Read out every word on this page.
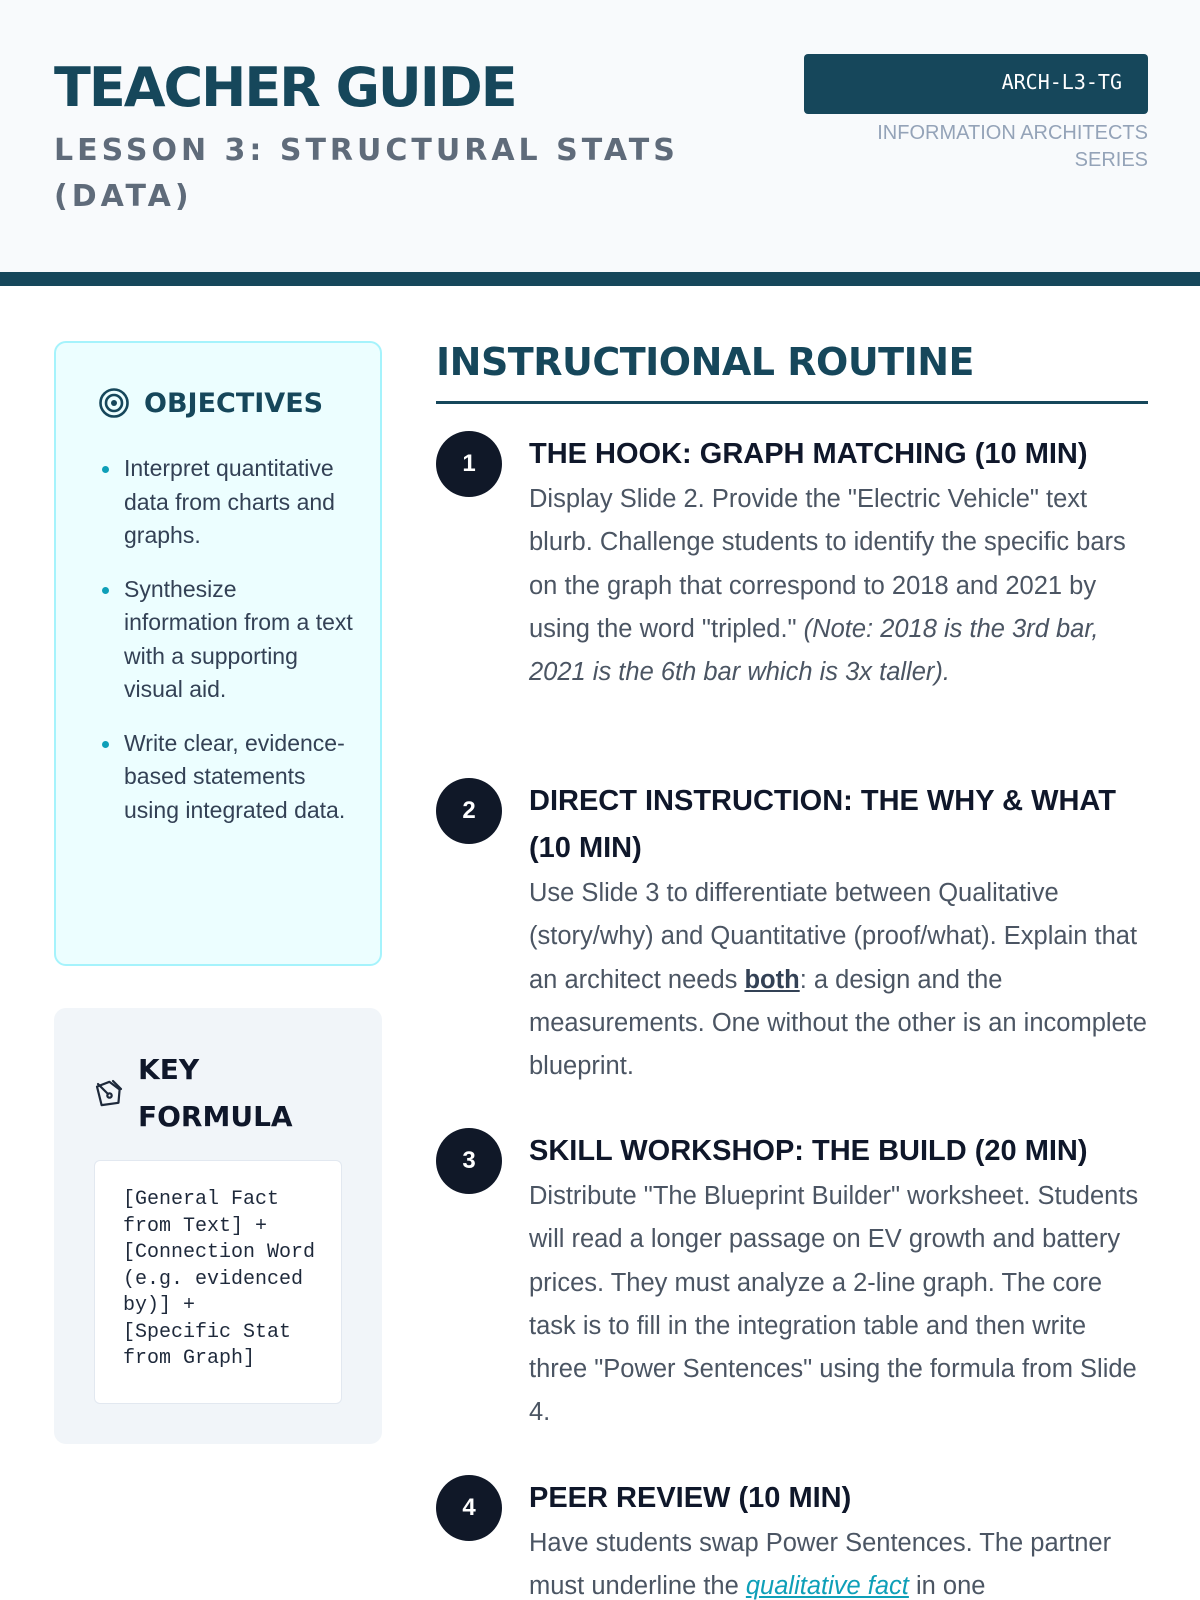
TEACHER GUIDE
LESSON 3: STRUCTURAL STATS (DATA)
ARCH-L3-TG
INFORMATION ARCHITECTS SERIES
OBJECTIVES
Interpret quantitative data from charts and graphs.
Synthesize information from a text with a supporting visual aid.
Write clear, evidence-based statements using integrated data.
KEY FORMULA
[General Fact
from Text] +
[Connection Word
(e.g. evidenced
by)] +
[Specific Stat
from Graph]
INSTRUCTIONAL ROUTINE
1	THE HOOK: GRAPH MATCHING (10 MIN)
Display Slide 2. Provide the "Electric Vehicle" text blurb. Challenge students to identify the specific bars on the graph that correspond to 2018 and 2021 by using the word "tripled." (Note: 2018 is the 3rd bar, 2021 is the 6th bar which is 3x taller).
2	DIRECT INSTRUCTION: THE WHY & WHAT (10 MIN)
Use Slide 3 to differentiate between Qualitative (story/why) and Quantitative (proof/what). Explain that an architect needs both: a design and the measurements. One without the other is an incomplete blueprint.
3	SKILL WORKSHOP: THE BUILD (20 MIN)
Distribute "The Blueprint Builder" worksheet. Students will read a longer passage on EV growth and battery prices. They must analyze a 2-line graph. The core task is to fill in the integration table and then write three "Power Sentences" using the formula from Slide 4.
4	PEER REVIEW (10 MIN)
Have students swap Power Sentences. The partner must underline the qualitative fact in one
